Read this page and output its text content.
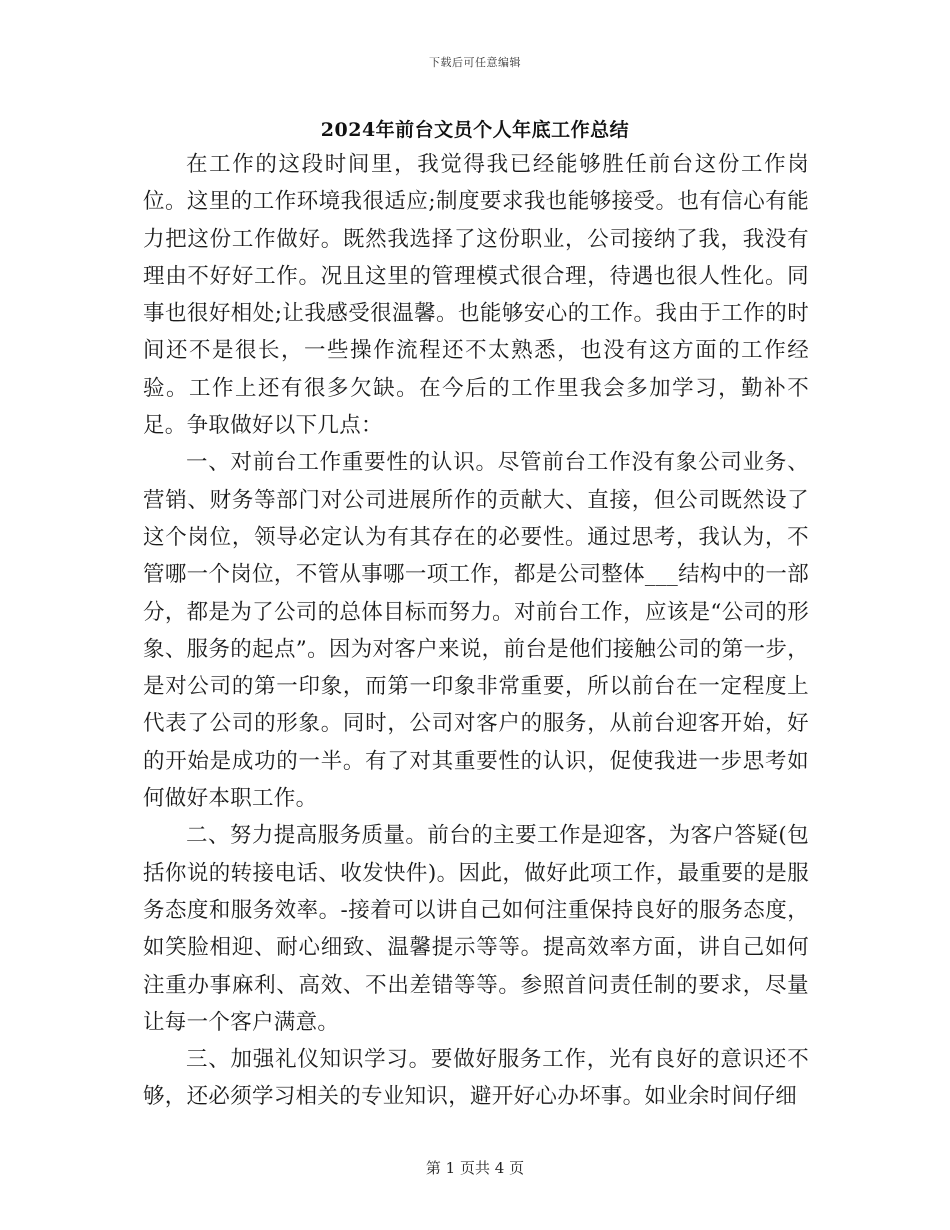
下载后可任意编辑
2024年前台文员个人年底工作总结

在工作的这段时间里，我觉得我已经能够胜任前台这份工作岗位。这里的工作环境我很适应;制度要求我也能够接受。也有信心有能力把这份工作做好。既然我选择了这份职业，公司接纳了我，我没有理由不好好工作。况且这里的管理模式很合理，待遇也很人性化。同事也很好相处;让我感受很温馨。也能够安心的工作。我由于工作的时间还不是很长，一些操作流程还不太熟悉，也没有这方面的工作经验。工作上还有很多欠缺。在今后的工作里我会多加学习，勤补不足。争取做好以下几点：

一、对前台工作重要性的认识。尽管前台工作没有象公司业务、营销、财务等部门对公司进展所作的贡献大、直接，但公司既然设了这个岗位，领导必定认为有其存在的必要性。通过思考，我认为，不管哪一个岗位，不管从事哪一项工作，都是公司整体___结构中的一部分，都是为了公司的总体目标而努力。对前台工作，应该是“公司的形象、服务的起点”。因为对客户来说，前台是他们接触公司的第一步，是对公司的第一印象，而第一印象非常重要，所以前台在一定程度上代表了公司的形象。同时，公司对客户的服务，从前台迎客开始，好的开始是成功的一半。有了对其重要性的认识，促使我进一步思考如何做好本职工作。

二、努力提高服务质量。前台的主要工作是迎客，为客户答疑(包括你说的转接电话、收发快件)。因此，做好此项工作，最重要的是服务态度和服务效率。-接着可以讲自己如何注重保持良好的服务态度，如笑脸相迎、耐心细致、温馨提示等等。提高效率方面，讲自己如何注重办事麻利、高效、不出差错等等。参照首问责任制的要求，尽量让每一个客户满意。

三、加强礼仪知识学习。要做好服务工作，光有良好的意识还不够，还必须学习相关的专业知识，避开好心办坏事。如业余时间仔细

第 1 页共 4 页
